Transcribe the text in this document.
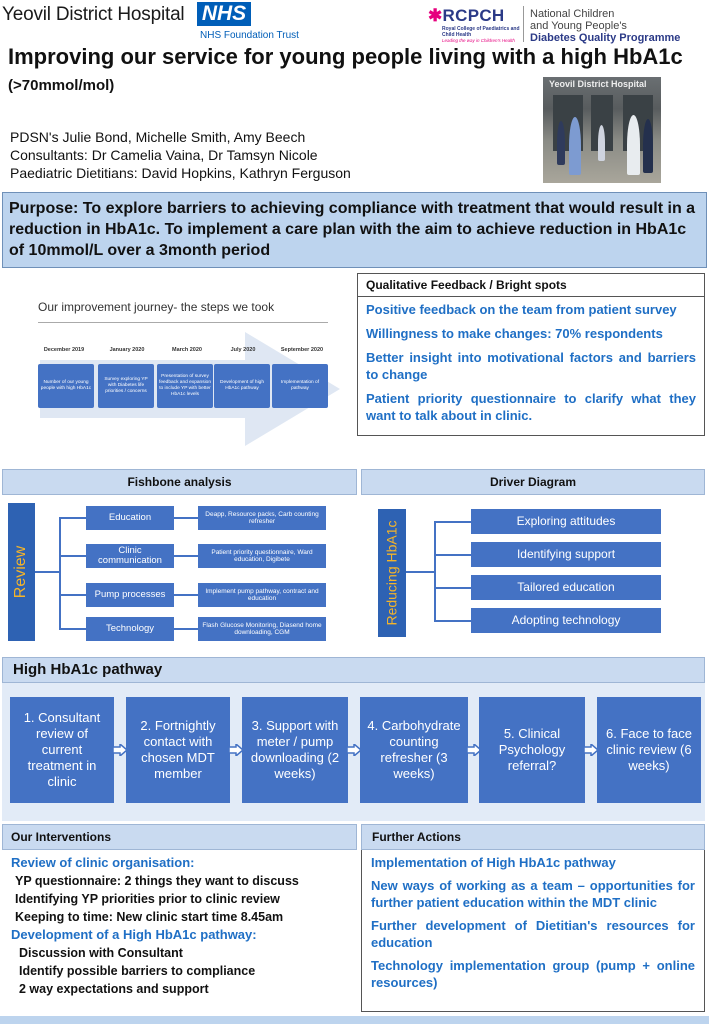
Yeovil District Hospital NHS
NHS Foundation Trust
✱RCPCH
Royal College of Paediatrics and Child Health
Leading the way in Children's Health
National Children
and Young People's
Diabetes Quality Programme
Improving our service for young people living with a high HbA1c (>70mmol/mol)	Yeovil District Hospital
PDSN's Julie Bond, Michelle Smith, Amy Beech
Consultants: Dr Camelia Vaina, Dr Tamsyn Nicole
Paediatric Dietitians: David Hopkins, Kathryn Ferguson
Purpose: To explore barriers to achieving compliance with treatment that would result in a reduction in HbA1c. To implement a care plan with the aim to achieve reduction in HbA1c of 10mmol/L over a 3month period
Our improvement journey- the steps we took
December 2019	January 2020	March 2020	July 2020	September 2020
Number of our young people with high HbA1c
Survey exploring YP with Diabetes life priorities / concerns
Presentation of survey feedback and expansion to include YP with better HbA1c levels
Development of high HbA1c pathway
Implementation of pathway
Qualitative Feedback / Bright spots
Positive feedback on the team from patient survey
Willingness to make changes: 70% respondents
Better insight into motivational factors and barriers to change
Patient priority questionnaire to clarify what they want to talk about in clinic.
Fishbone analysis	Driver Diagram
Review
Education
Clinic communication
Pump processes
Technology
Deapp, Resource packs, Carb counting refresher
Patient priority questionnaire, Ward education, Digibete
Implement pump pathway, contract and education
Flash Glucose Monitoring, Diasend home downloading, CGM
Reducing HbA1c	Exploring attitudes
Identifying support
Tailored education
Adopting technology
High HbA1c pathway
1. Consultant review of current treatment in clinic
2. Fortnightly contact with chosen MDT member
3. Support with meter / pump downloading (2 weeks)
4. Carbohydrate counting refresher (3 weeks)
5. Clinical Psychology referral?
6. Face to face clinic review (6 weeks)
Our Interventions	Further Actions
Review of clinic organisation:
YP questionnaire: 2 things they want to discuss
Identifying YP priorities prior to clinic review
Keeping to time: New clinic start time 8.45am
Development of a High HbA1c pathway:
Discussion with Consultant
Identify possible barriers to compliance
2 way expectations and support
Implementation of High HbA1c pathway
New ways of working as a team – opportunities for further patient education within the MDT clinic
Further development of Dietitian's resources for education
Technology implementation group (pump + online resources)
